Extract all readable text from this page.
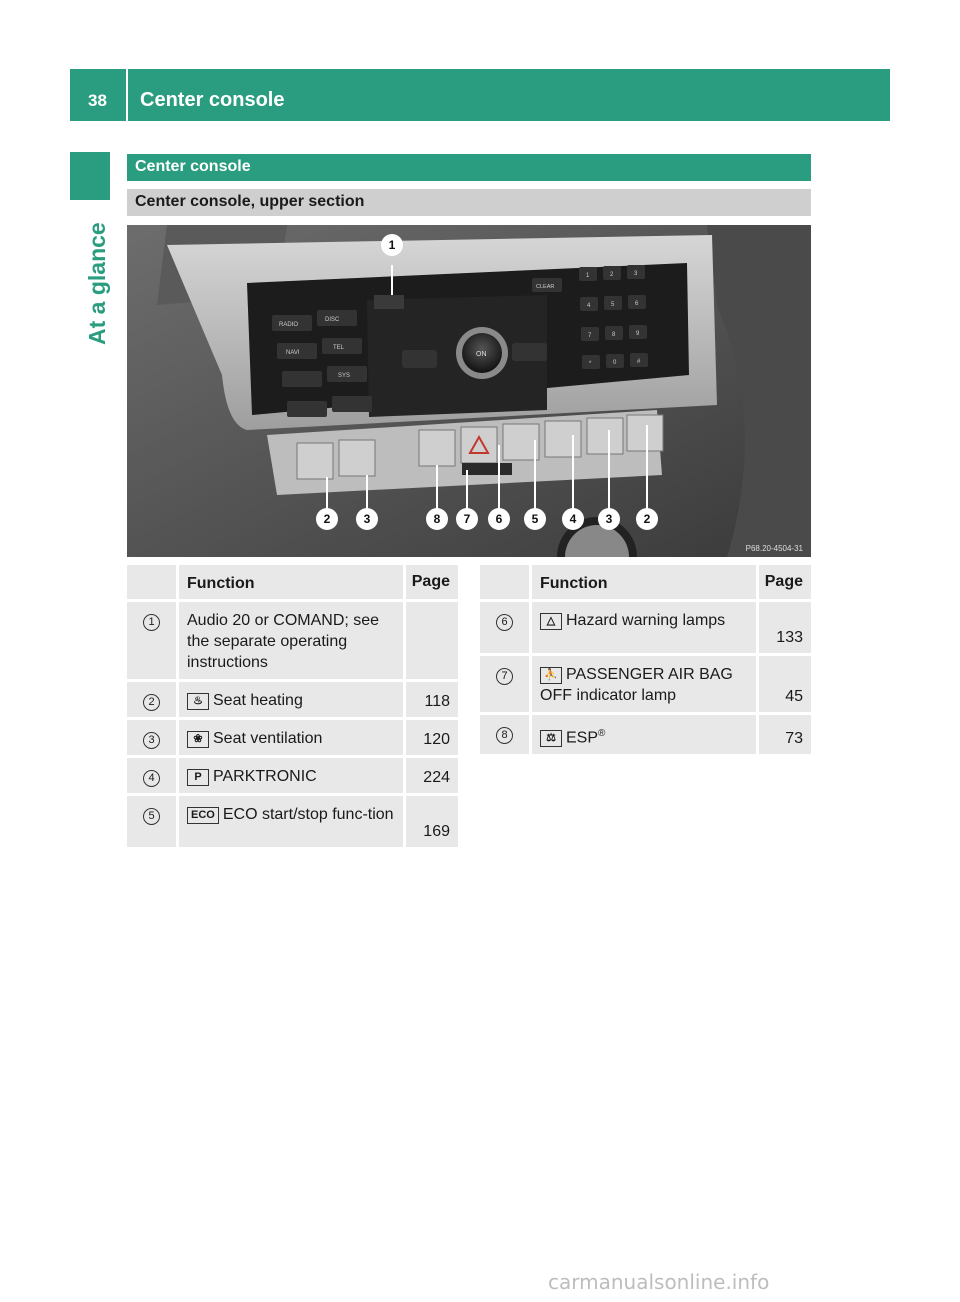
38 Center console
At a glance
Center console
Center console, upper section
RADIO
DISC
NAVI
TEL
SYS
ON
CLEAR
1	2	3
4	5	6
7	8	9
*	0	#
1
2	3	8 7 6 5	4 3	2
P68.20-4504-31
	Function	Page
1	Audio 20 or COMAND; see the separate operating instructions	
2	♨ Seat heating	118
3	❀ Seat ventilation	120
4	P PARKTRONIC	224
5	ECO ECO start/stop func-tion	169
	Function	Page
6	△ Hazard warning lamps	133
7	⛹ PASSENGER AIR BAG OFF indicator lamp	45
8	⚖ ESP®	73
carmanualsonline.info
